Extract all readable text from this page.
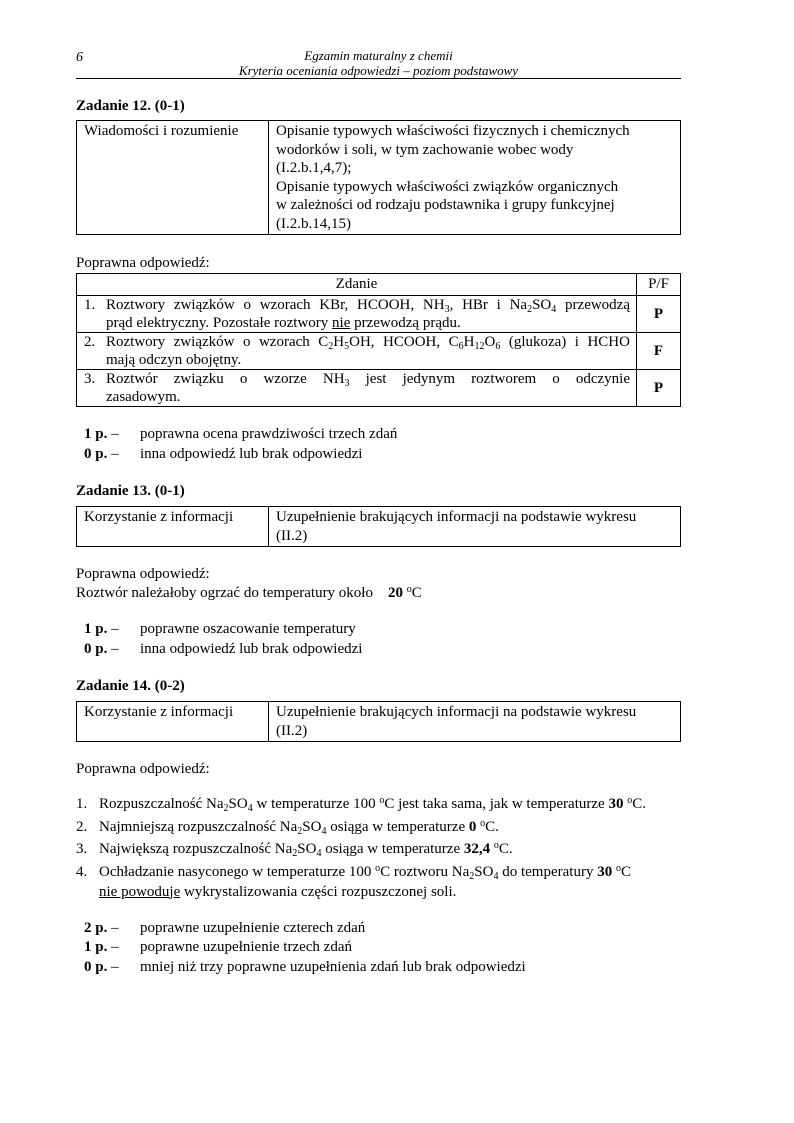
6	Egzamin maturalny z chemii
Kryteria oceniania odpowiedzi – poziom podstawowy
Zadanie 12. (0-1)
Wiadomości i rozumienie	Opisanie typowych właściwości fizycznych i chemicznych
wodorków i soli, w tym zachowanie wobec wody
(I.2.b.1,4,7);
Opisanie typowych właściwości związków organicznych
w zależności od rodzaju podstawnika i grupy funkcyjnej
(I.2.b.14,15)
Poprawna odpowiedź:
Zdanie	P/F

1. Roztwory związków o wzorach KBr, HCOOH, $NH_3$, HBr i $Na_2SO_4$ przewodzą
prąd elektryczny. Pozostałe roztwory nie przewodzą prądu.	P

2. Roztwory związków o wzorach $C_2H_5OH$, HCOOH, $C_6H_{12}O_6$ (glukoza) i HCHO
mają odczyn obojętny.	F

3. Roztwór związku o wzorze $NH_3$ jest jedynym roztworem o odczynie
zasadowym.	P
1 p. –	poprawna ocena prawdziwości trzech zdań
0 p. –	inna odpowiedź lub brak odpowiedzi
Zadanie 13. (0-1)
Korzystanie z informacji	Uzupełnienie brakujących informacji na podstawie wykresu
(II.2)
Poprawna odpowiedź:
Roztwór należałoby ogrzać do temperatury około 20 $^o$C
1 p. –	poprawne oszacowanie temperatury
0 p. –	inna odpowiedź lub brak odpowiedzi
Zadanie 14. (0-2)
Korzystanie z informacji	Uzupełnienie brakujących informacji na podstawie wykresu
(II.2)
Poprawna odpowiedź:
1. Rozpuszczalność $Na_2SO_4$ w temperaturze 100 $^o$C jest taka sama, jak w temperaturze 30 $^o$C.
2. Najmniejszą rozpuszczalność $Na_2SO_4$ osiąga w temperaturze 0 $^o$C.
3. Największą rozpuszczalność $Na_2SO_4$ osiąga w temperaturze 32,4 $^o$C.
4. Ochładzanie nasyconego w temperaturze 100 $^o$C roztworu $Na_2SO_4$ do temperatury 30 $^o$C
nie powoduje wykrystalizowania części rozpuszczonej soli.
2 p. –	poprawne uzupełnienie czterech zdań
1 p. –	poprawne uzupełnienie trzech zdań
0 p. –	mniej niż trzy poprawne uzupełnienia zdań lub brak odpowiedzi
